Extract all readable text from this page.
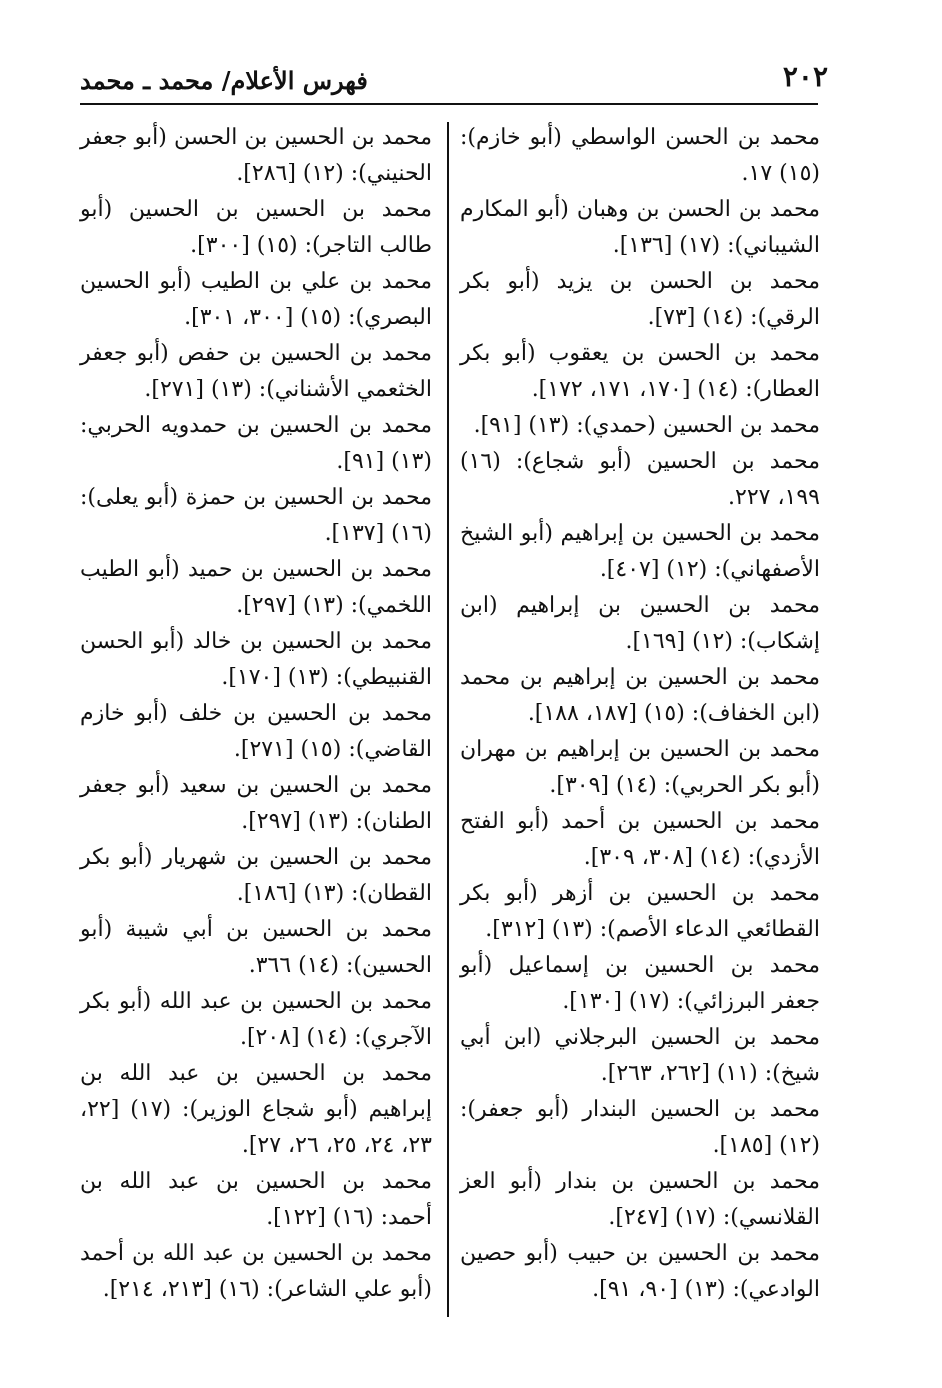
٢٠٢
فهرس الأعلام/ محمد ـ محمد
محمد بن الحسن الواسطي (أبو خازم): (١٥) ١٧.
محمد بن الحسن بن وهبان (أبو المكارم الشيباني): (١٧) [١٣٦].
محمد بن الحسن بن يزيد (أبو بكر الرقي): (١٤) [٧٣].
محمد بن الحسن بن يعقوب (أبو بكر العطار): (١٤) [١٧٠، ١٧١، ١٧٢].
محمد بن الحسين (حمدي): (١٣) [٩١].
محمد بن الحسين (أبو شجاع): (١٦) ١٩٩، ٢٢٧.
محمد بن الحسين بن إبراهيم (أبو الشيخ الأصفهاني): (١٢) [٤٠٧].
محمد بن الحسين بن إبراهيم (ابن إشكاب): (١٢) [١٦٩].
محمد بن الحسين بن إبراهيم بن محمد (ابن الخفاف): (١٥) [١٨٧، ١٨٨].
محمد بن الحسين بن إبراهيم بن مهران (أبو بكر الحربي): (١٤) [٣٠٩].
محمد بن الحسين بن أحمد (أبو الفتح الأزدي): (١٤) [٣٠٨، ٣٠٩].
محمد بن الحسين بن أزهر (أبو بكر القطائعي الدعاء الأصم): (١٣) [٣١٢].
محمد بن الحسين بن إسماعيل (أبو جعفر البرزائي): (١٧) [١٣٠].
محمد بن الحسين البرجلاني (ابن أبي شيخ): (١١) [٢٦٢، ٢٦٣].
محمد بن الحسين البندار (أبو جعفر): (١٢) [١٨٥].
محمد بن الحسين بن بندار (أبو العز القلانسي): (١٧) [٢٤٧].
محمد بن الحسين بن حبيب (أبو حصين الوادعي): (١٣) [٩٠، ٩١].
محمد بن الحسين بن الحسن (أبو جعفر الحنيني): (١٢) [٢٨٦].
محمد بن الحسين بن الحسين (أبو طالب التاجر): (١٥) [٣٠٠].
محمد بن علي بن الطيب (أبو الحسين البصري): (١٥) [٣٠٠، ٣٠١].
محمد بن الحسين بن حفص (أبو جعفر الخثعمي الأشناني): (١٣) [٢٧١].
محمد بن الحسين بن حمدويه الحربي: (١٣) [٩١].
محمد بن الحسين بن حمزة (أبو يعلى): (١٦) [١٣٧].
محمد بن الحسين بن حميد (أبو الطيب اللخمي): (١٣) [٢٩٧].
محمد بن الحسين بن خالد (أبو الحسن القنبيطي): (١٣) [١٧٠].
محمد بن الحسين بن خلف (أبو خازم القاضي): (١٥) [٢٧١].
محمد بن الحسين بن سعيد (أبو جعفر الطنان): (١٣) [٢٩٧].
محمد بن الحسين بن شهريار (أبو بكر القطان): (١٣) [١٨٦].
محمد بن الحسين بن أبي شيبة (أبو الحسين): (١٤) ٣٦٦.
محمد بن الحسين بن عبد الله (أبو بكر الآجري): (١٤) [٢٠٨].
محمد بن الحسين بن عبد الله بن إبراهيم (أبو شجاع الوزير): (١٧) [٢٢، ٢٣، ٢٤، ٢٥، ٢٦، ٢٧].
محمد بن الحسين بن عبد الله بن أحمد: (١٦) [١٢٢].
محمد بن الحسين بن عبد الله بن أحمد (أبو علي الشاعر): (١٦) [٢١٣، ٢١٤].
